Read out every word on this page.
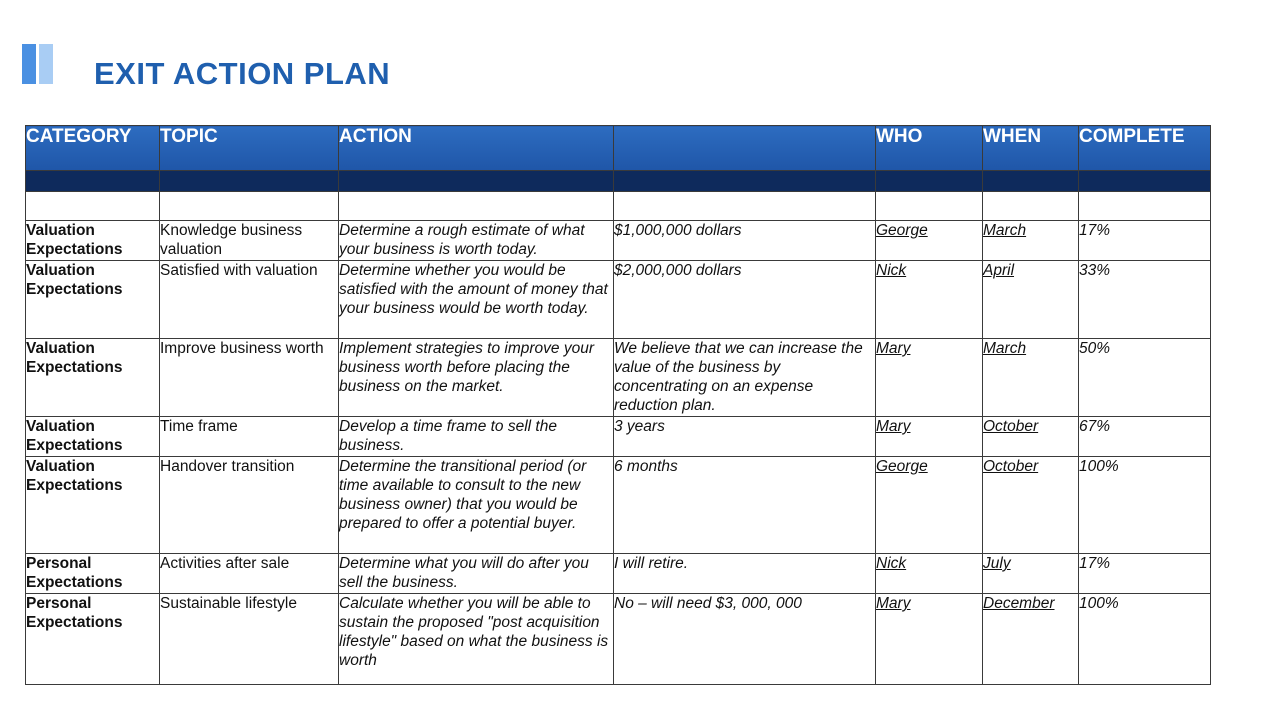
EXIT ACTION PLAN
CATEGORY	TOPIC	ACTION		WHO	WHEN	COMPLETE

Valuation Expectations	Knowledge business valuation	Determine a rough estimate of what your business is worth today.	$1,000,000 dollars	George	March	17%
Valuation Expectations	Satisfied with valuation	Determine whether you would be satisfied with the amount of money that your business would be worth today.	$2,000,000 dollars	Nick	April	33%
Valuation Expectations	Improve business worth	Implement strategies to improve your business worth before placing the business on the market.	We believe that we can increase the value of the business by concentrating on an expense reduction plan.	Mary	March	50%
Valuation Expectations	Time frame	Develop a time frame to sell the business.	3 years	Mary	October	67%
Valuation Expectations	Handover transition	Determine the transitional period (or time available to consult to the new business owner) that you would be prepared to offer a potential buyer.	6 months	George	October	100%
Personal Expectations	Activities after sale	Determine what you will do after you sell the business.	I will retire.	Nick	July	17%
Personal Expectations	Sustainable lifestyle	Calculate whether you will be able to sustain the proposed "post acquisition lifestyle" based on what the business is worth	No – will need $3, 000, 000	Mary	December	100%
